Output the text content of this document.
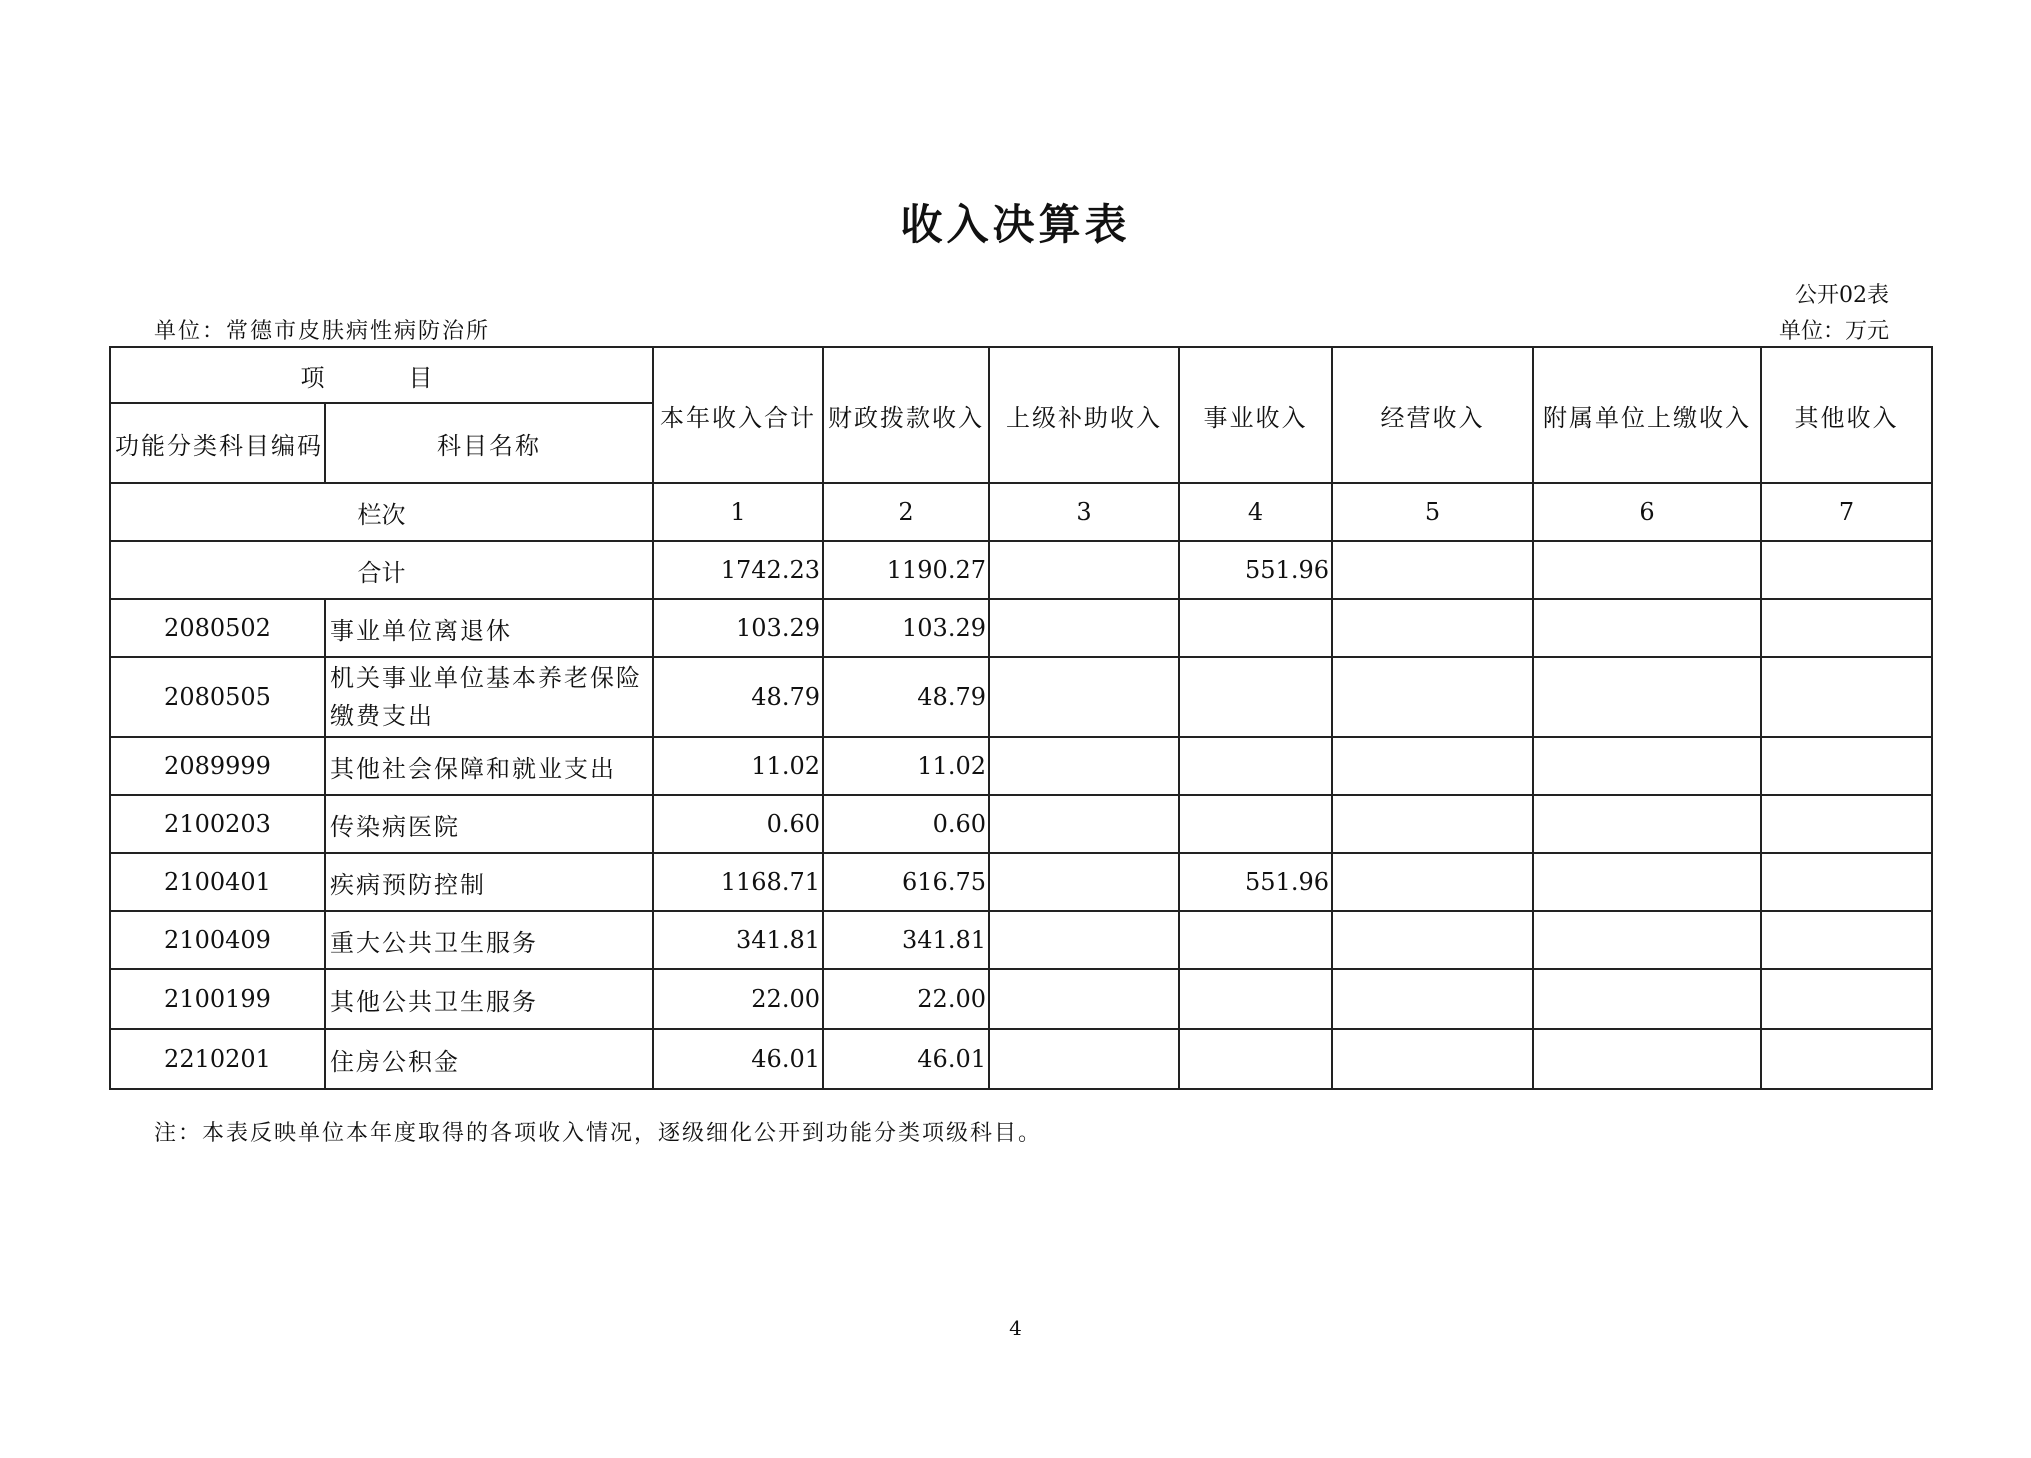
收入决算表
公开02表
单位：常德市皮肤病性病防治所	单位：万元
项　目		本年收入合计	财政拨款收入	上级补助收入	事业收入	经营收入	附属单位上缴收入	其他收入
功能分类科目编码	科目名称							
栏次		1	2	3	4	5	6	7
合计		1742.23	1190.27		551.96			
2080502	事业单位离退休	103.29	103.29					
2080505	机关事业单位基本养老保险缴费支出	48.79	48.79					
2089999	其他社会保障和就业支出	11.02	11.02					
2100203	传染病医院	0.60	0.60					
2100401	疾病预防控制	1168.71	616.75		551.96			
2100409	重大公共卫生服务	341.81	341.81					
2100199	其他公共卫生服务	22.00	22.00					
2210201	住房公积金	46.01	46.01					

注：本表反映单位本年度取得的各项收入情况，逐级细化公开到功能分类项级科目。

4
